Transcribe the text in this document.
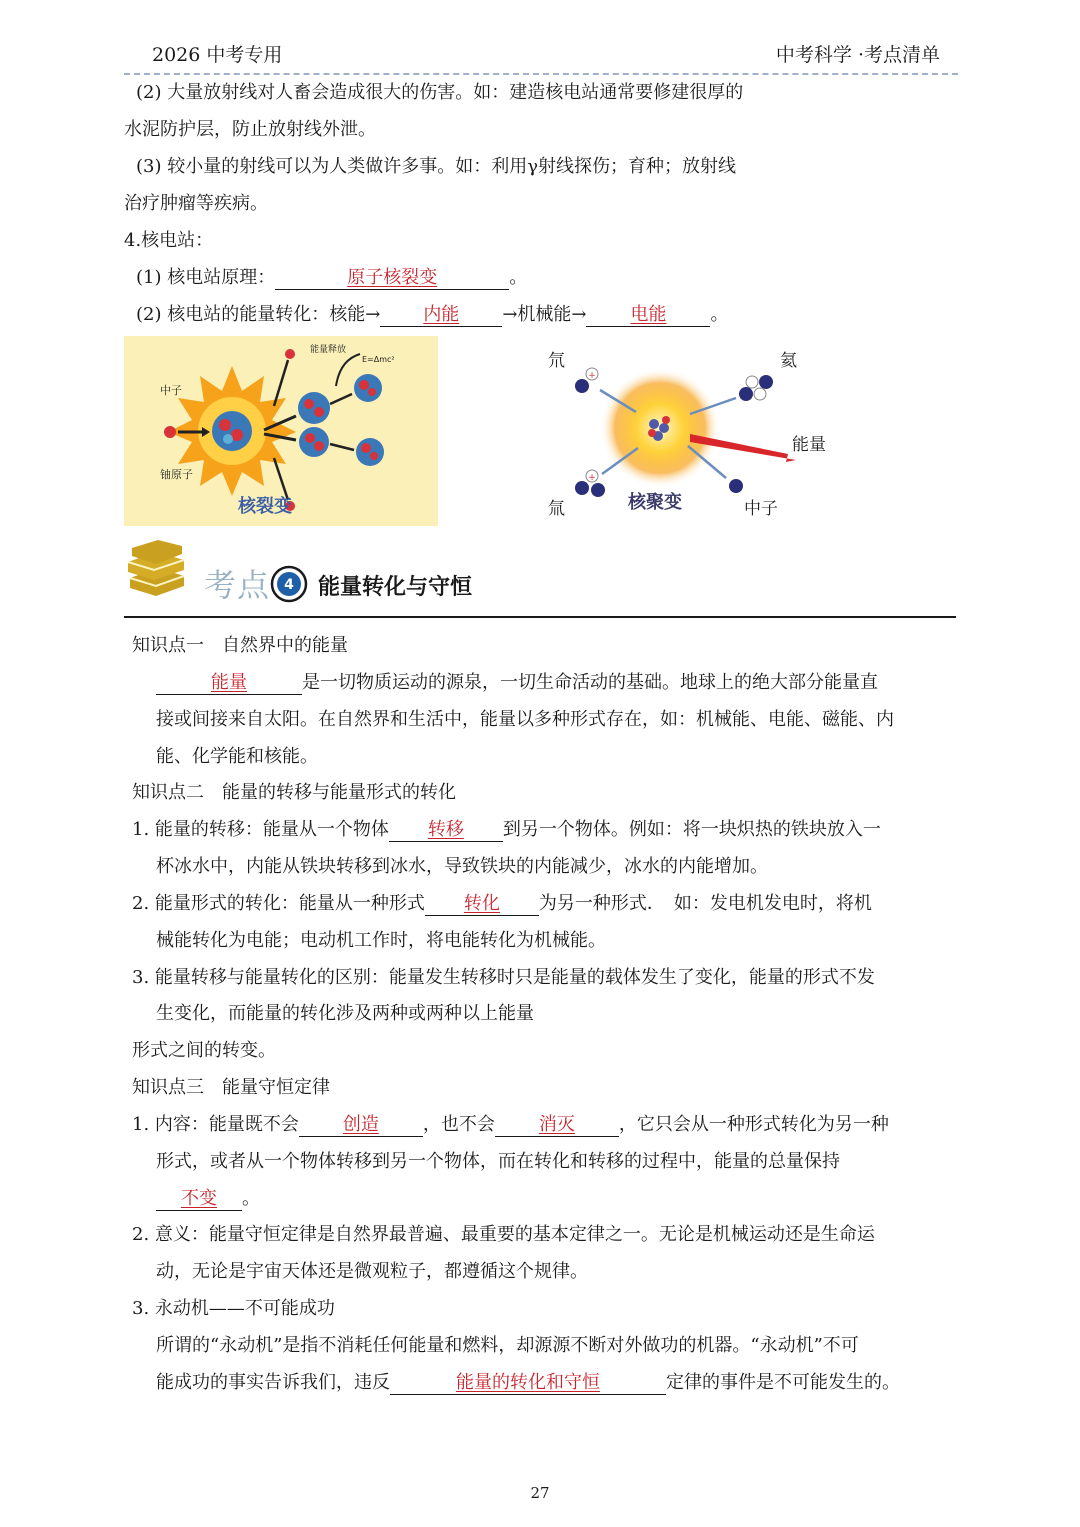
2026 中考专用	中考科学 ·考点清单
(2) 大量放射线对人畜会造成很大的伤害。如：建造核电站通常要修建很厚的
水泥防护层，防止放射线外泄。
(3) 较小量的射线可以为人类做许多事。如：利用γ射线探伤；育种；放射线
治疗肿瘤等疾病。
4.核电站：
(1) 核电站原理：	原子核裂变	。
(2) 核电站的能量转化：核能→ 内能 →机械能→ 电能 。
能量释放
E=Δmc²
中子
铀原子
核裂变
+
+
氘
氚
氦
能量
中子
核聚变
考点 4 能量转化与守恒
知识点一　自然界中的能量
能量	是一切物质运动的源泉，一切生命活动的基础。地球上的绝大部分能量直
接或间接来自太阳。在自然界和生活中，能量以多种形式存在，如：机械能、电能、磁能、内
能、化学能和核能。
知识点二　能量的转移与能量形式的转化
1. 能量的转移：能量从一个物体 转移 到另一个物体。例如：将一块炽热的铁块放入一
杯冰水中，内能从铁块转移到冰水，导致铁块的内能减少，冰水的内能增加。
2. 能量形式的转化：能量从一种形式 转化 为另一种形式．　如：发电机发电时，将机
械能转化为电能；电动机工作时，将电能转化为机械能。
3. 能量转移与能量转化的区别：能量发生转移时只是能量的载体发生了变化，能量的形式不发
生变化，而能量的转化涉及两种或两种以上能量
形式之间的转变。
知识点三　能量守恒定律
1. 内容：能量既不会 创造 ，也不会 消灭 ，它只会从一种形式转化为另一种
形式，或者从一个物体转移到另一个物体，而在转化和转移的过程中，能量的总量保持
不变 。
2. 意义：能量守恒定律是自然界最普遍、最重要的基本定律之一。无论是机械运动还是生命运
动，无论是宇宙天体还是微观粒子，都遵循这个规律。
3. 永动机——不可能成功
所谓的“永动机”是指不消耗任何能量和燃料，却源源不断对外做功的机器。“永动机”不可
能成功的事实告诉我们，违反	能量的转化和守恒	定律的事件是不可能发生的。
27
